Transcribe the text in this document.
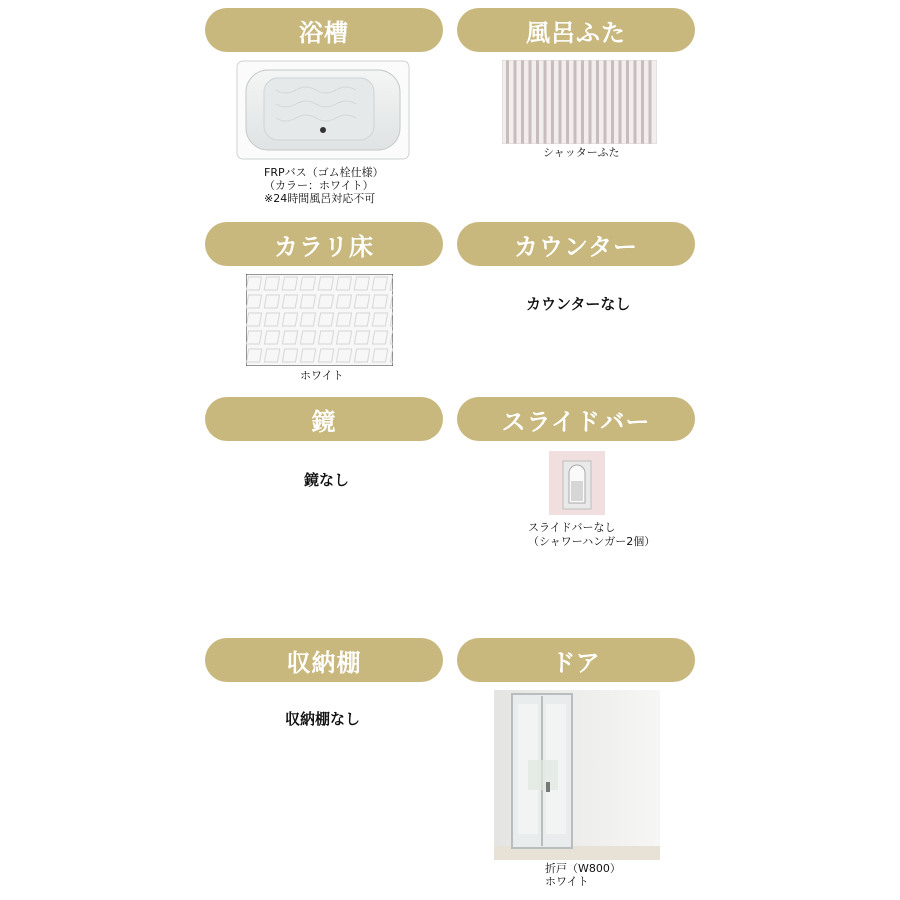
浴槽	風呂ふた
FRPバス（ゴム栓仕様）
（カラー：ホワイト）
※24時間風呂対応不可
シャッターふた
カラリ床	カウンター
ホワイト
カウンターなし
鏡	スライドバー
鏡なし
スライドバーなし
（シャワーハンガー2個）
収納棚	ドア
収納棚なし
折戸（W800）
ホワイト
